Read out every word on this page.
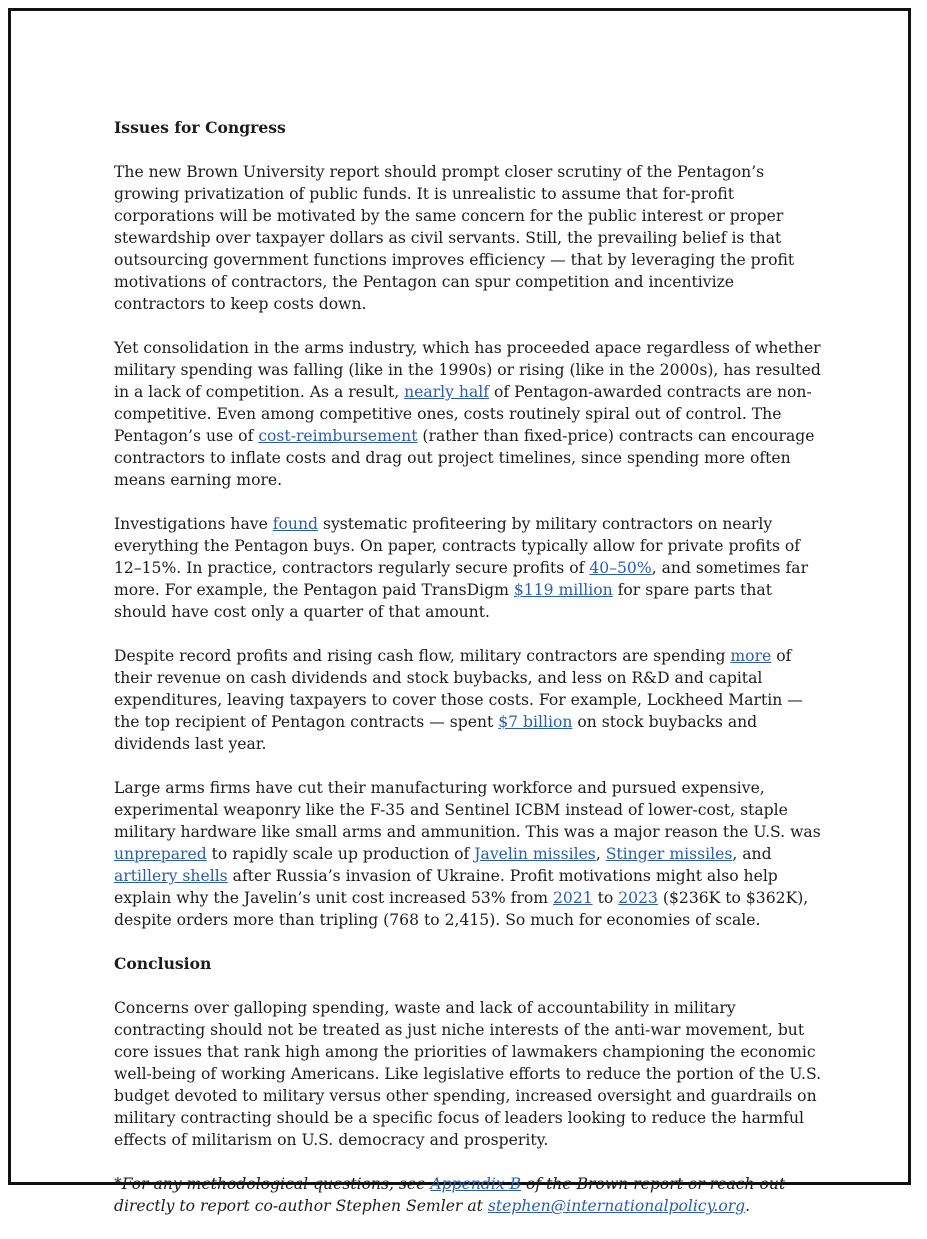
Issues for Congress

The new Brown University report should prompt closer scrutiny of the Pentagon’s growing privatization of public funds. It is unrealistic to assume that for-profit corporations will be motivated by the same concern for the public interest or proper stewardship over taxpayer dollars as civil servants. Still, the prevailing belief is that outsourcing government functions improves efficiency — that by leveraging the profit motivations of contractors, the Pentagon can spur competition and incentivize contractors to keep costs down.

Yet consolidation in the arms industry, which has proceeded apace regardless of whether military spending was falling (like in the 1990s) or rising (like in the 2000s), has resulted in a lack of competition. As a result, nearly half of Pentagon-awarded contracts are non-competitive. Even among competitive ones, costs routinely spiral out of control. The Pentagon’s use of cost-reimbursement (rather than fixed-price) contracts can encourage contractors to inflate costs and drag out project timelines, since spending more often means earning more.

Investigations have found systematic profiteering by military contractors on nearly everything the Pentagon buys. On paper, contracts typically allow for private profits of 12–15%. In practice, contractors regularly secure profits of 40–50%, and sometimes far more. For example, the Pentagon paid TransDigm $119 million for spare parts that should have cost only a quarter of that amount.

Despite record profits and rising cash flow, military contractors are spending more of their revenue on cash dividends and stock buybacks, and less on R&D and capital expenditures, leaving taxpayers to cover those costs. For example, Lockheed Martin — the top recipient of Pentagon contracts — spent $7 billion on stock buybacks and dividends last year.

Large arms firms have cut their manufacturing workforce and pursued expensive, experimental weaponry like the F-35 and Sentinel ICBM instead of lower-cost, staple military hardware like small arms and ammunition. This was a major reason the U.S. was unprepared to rapidly scale up production of Javelin missiles, Stinger missiles, and artillery shells after Russia’s invasion of Ukraine. Profit motivations might also help explain why the Javelin’s unit cost increased 53% from 2021 to 2023 ($236K to $362K), despite orders more than tripling (768 to 2,415). So much for economies of scale.

Conclusion

Concerns over galloping spending, waste and lack of accountability in military contracting should not be treated as just niche interests of the anti-war movement, but core issues that rank high among the priorities of lawmakers championing the economic well-being of working Americans. Like legislative efforts to reduce the portion of the U.S. budget devoted to military versus other spending, increased oversight and guardrails on military contracting should be a specific focus of leaders looking to reduce the harmful effects of militarism on U.S. democracy and prosperity.

*For any methodological questions, see Appendix B of the Brown report or reach out directly to report co-author Stephen Semler at stephen@internationalpolicy.org.
